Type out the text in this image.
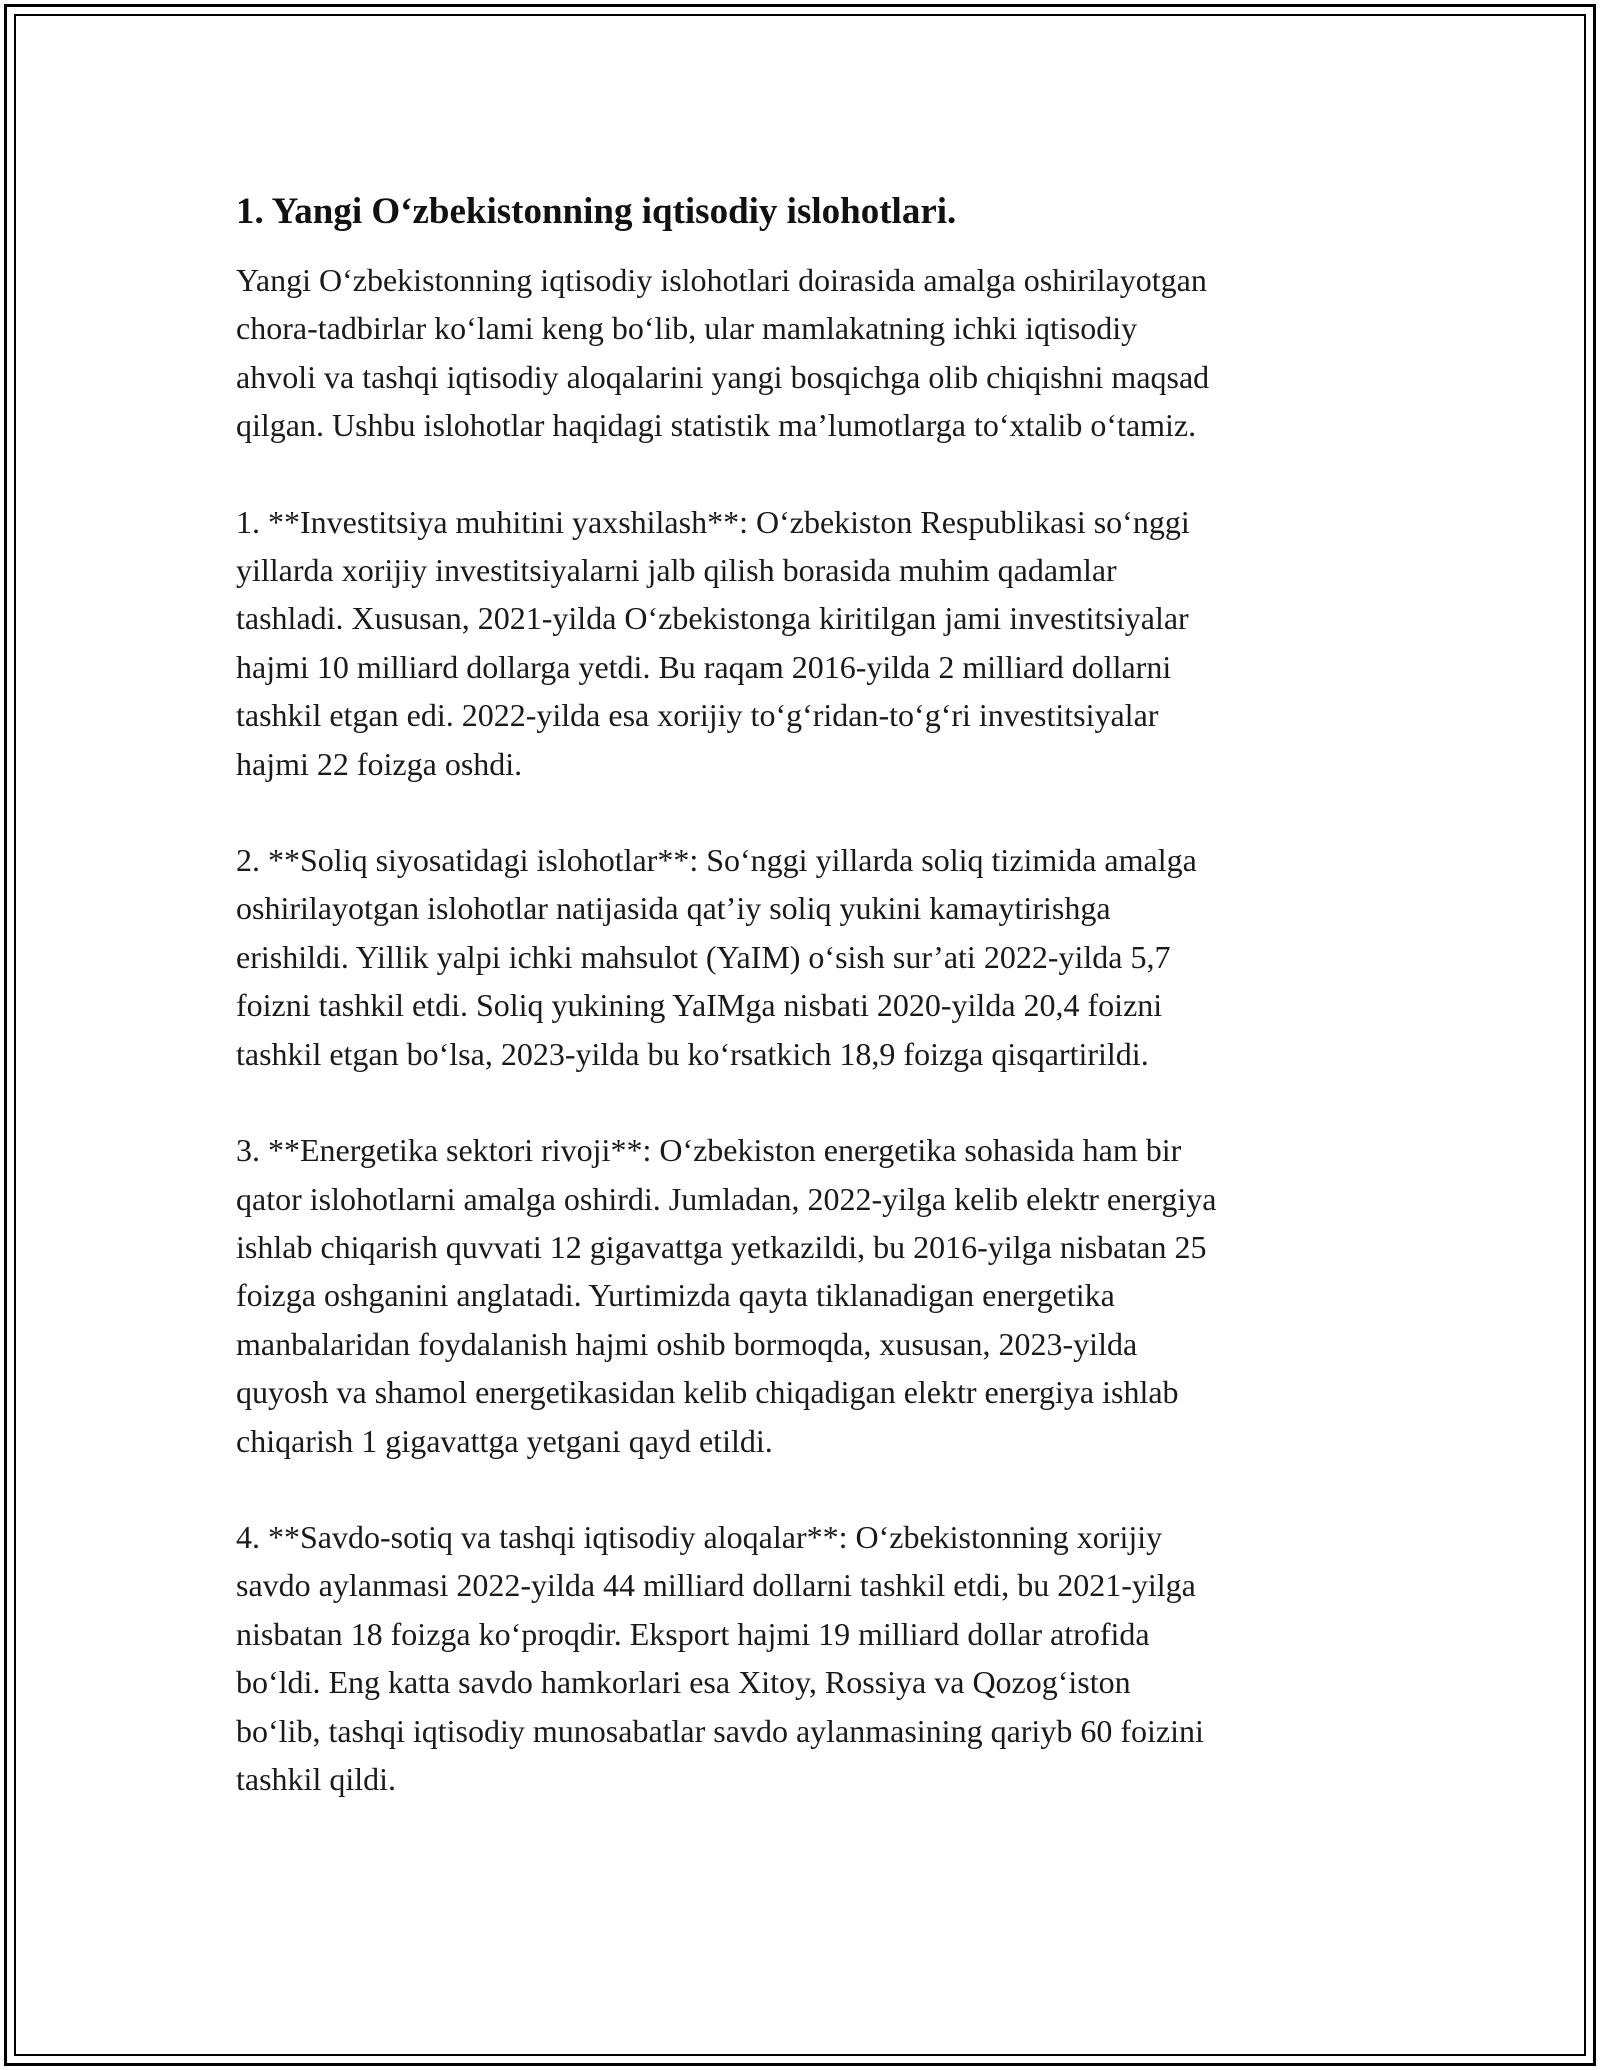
1. Yangi O‘zbekistonning iqtisodiy islohotlari.

Yangi O‘zbekistonning iqtisodiy islohotlari doirasida amalga oshirilayotgan
chora-tadbirlar ko‘lami keng bo‘lib, ular mamlakatning ichki iqtisodiy
ahvoli va tashqi iqtisodiy aloqalarini yangi bosqichga olib chiqishni maqsad
qilgan. Ushbu islohotlar haqidagi statistik ma’lumotlarga to‘xtalib o‘tamiz.

1. **Investitsiya muhitini yaxshilash**: O‘zbekiston Respublikasi so‘nggi
yillarda xorijiy investitsiyalarni jalb qilish borasida muhim qadamlar
tashladi. Xususan, 2021-yilda O‘zbekistonga kiritilgan jami investitsiyalar
hajmi 10 milliard dollarga yetdi. Bu raqam 2016-yilda 2 milliard dollarni
tashkil etgan edi. 2022-yilda esa xorijiy to‘g‘ridan-to‘g‘ri investitsiyalar
hajmi 22 foizga oshdi.

2. **Soliq siyosatidagi islohotlar**: So‘nggi yillarda soliq tizimida amalga
oshirilayotgan islohotlar natijasida qat’iy soliq yukini kamaytirishga
erishildi. Yillik yalpi ichki mahsulot (YaIM) o‘sish sur’ati 2022-yilda 5,7
foizni tashkil etdi. Soliq yukining YaIMga nisbati 2020-yilda 20,4 foizni
tashkil etgan bo‘lsa, 2023-yilda bu ko‘rsatkich 18,9 foizga qisqartirildi.

3. **Energetika sektori rivoji**: O‘zbekiston energetika sohasida ham bir
qator islohotlarni amalga oshirdi. Jumladan, 2022-yilga kelib elektr energiya
ishlab chiqarish quvvati 12 gigavattga yetkazildi, bu 2016-yilga nisbatan 25
foizga oshganini anglatadi. Yurtimizda qayta tiklanadigan energetika
manbalaridan foydalanish hajmi oshib bormoqda, xususan, 2023-yilda
quyosh va shamol energetikasidan kelib chiqadigan elektr energiya ishlab
chiqarish 1 gigavattga yetgani qayd etildi.

4. **Savdo-sotiq va tashqi iqtisodiy aloqalar**: O‘zbekistonning xorijiy
savdo aylanmasi 2022-yilda 44 milliard dollarni tashkil etdi, bu 2021-yilga
nisbatan 18 foizga ko‘proqdir. Eksport hajmi 19 milliard dollar atrofida
bo‘ldi. Eng katta savdo hamkorlari esa Xitoy, Rossiya va Qozog‘iston
bo‘lib, tashqi iqtisodiy munosabatlar savdo aylanmasining qariyb 60 foizini
tashkil qildi.
